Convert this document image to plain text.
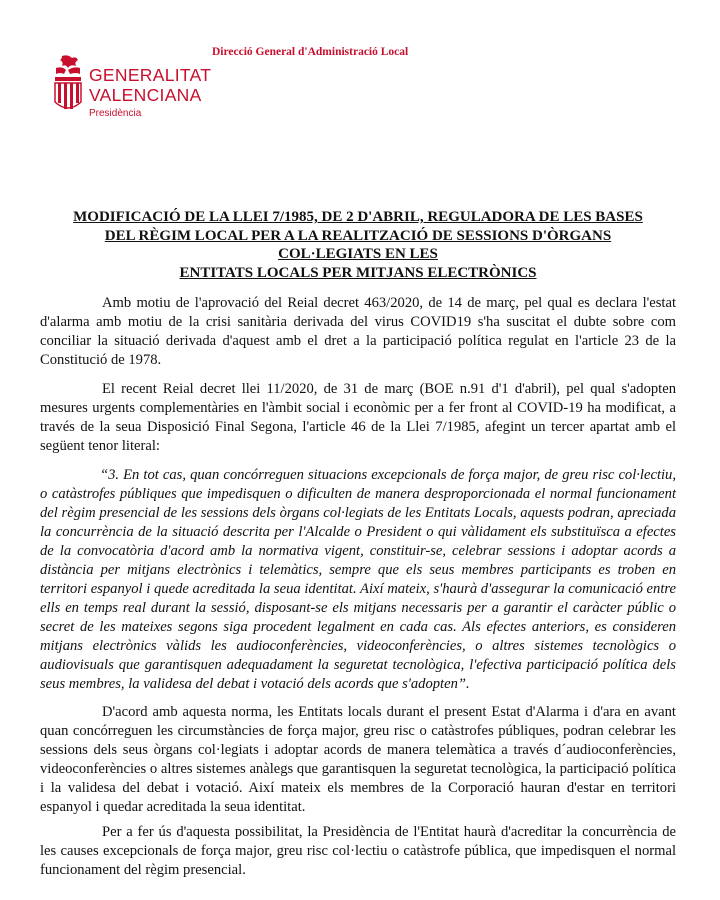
Direcció General d'Administració Local
GENERALITAT
VALENCIANA
Presidència
MODIFICACIÓ DE LA LLEI 7/1985, DE 2 D'ABRIL, REGULADORA DE LES BASES
DEL RÈGIM LOCAL PER A LA REALITZACIÓ DE SESSIONS D'ÒRGANS
COL·LEGIATS EN LES
ENTITATS LOCALS PER MITJANS ELECTRÒNICS
Amb motiu de l'aprovació del Reial decret 463/2020, de 14 de març, pel qual es declara l'estat d'alarma amb motiu de la crisi sanitària derivada del virus COVID19 s'ha suscitat el dubte sobre com conciliar la situació derivada d'aquest amb el dret a la participació política regulat en l'article 23 de la Constitució de 1978.
El recent Reial decret llei 11/2020, de 31 de març (BOE n.91 d'1 d'abril), pel qual s'adopten mesures urgents complementàries en l'àmbit social i econòmic per a fer front al COVID-19 ha modificat, a través de la seua Disposició Final Segona, l'article 46 de la Llei 7/1985, afegint un tercer apartat amb el següent tenor literal:
“3. En tot cas, quan concórreguen situacions excepcionals de força major, de greu risc col·lectiu, o catàstrofes públiques que impedisquen o dificulten de manera desproporcionada el normal funcionament del règim presencial de les sessions dels òrgans col·legiats de les Entitats Locals, aquests podran, apreciada la concurrència de la situació descrita per l'Alcalde o President o qui vàlidament els substituïsca a efectes de la convocatòria d'acord amb la normativa vigent, constituir-se, celebrar sessions i adoptar acords a distància per mitjans electrònics i telemàtics, sempre que els seus membres participants es troben en territori espanyol i quede acreditada la seua identitat. Així mateix, s'haurà d'assegurar la comunicació entre ells en temps real durant la sessió, disposant-se els mitjans necessaris per a garantir el caràcter públic o secret de les mateixes segons siga procedent legalment en cada cas. Als efectes anteriors, es consideren mitjans electrònics vàlids les audioconferències, videoconferències, o altres sistemes tecnològics o audiovisuals que garantisquen adequadament la seguretat tecnològica, l'efectiva participació política dels seus membres, la validesa del debat i votació dels acords que s'adopten”.
D'acord amb aquesta norma, les Entitats locals durant el present Estat d'Alarma i d'ara en avant quan concórreguen les circumstàncies de força major, greu risc o catàstrofes públiques, podran celebrar les sessions dels seus òrgans col·legiats i adoptar acords de manera telemàtica a través d´audioconferències, videoconferències o altres sistemes anàlegs que garantisquen la seguretat tecnològica, la participació política i la validesa del debat i votació. Així mateix els membres de la Corporació hauran d'estar en territori espanyol i quedar acreditada la seua identitat.
Per a fer ús d'aquesta possibilitat, la Presidència de l'Entitat haurà d'acreditar la concurrència de les causes excepcionals de força major, greu risc col·lectiu o catàstrofe pública, que impedisquen el normal funcionament del règim presencial.
